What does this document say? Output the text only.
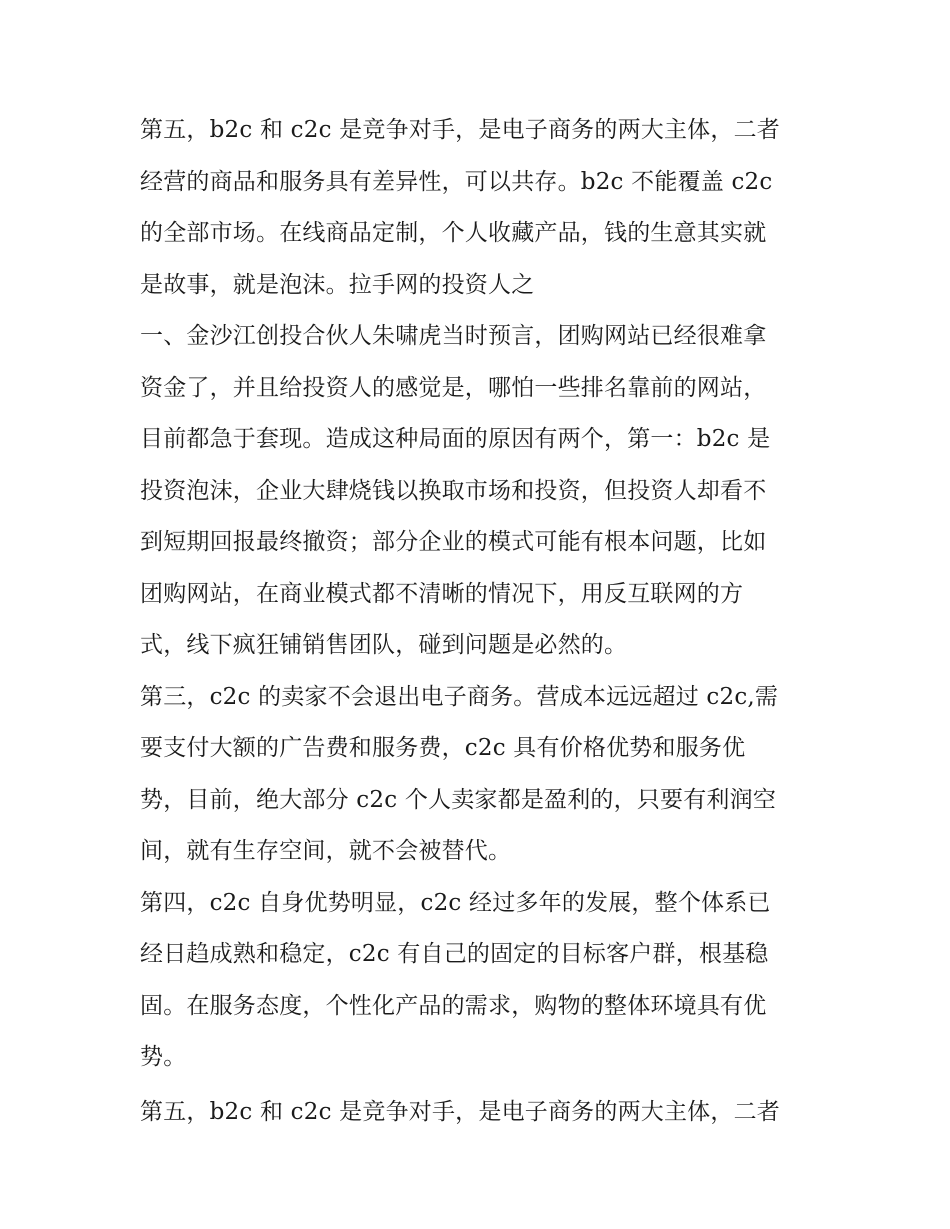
第五，b2c 和 c2c 是竞争对手，是电子商务的两大主体，二者
经营的商品和服务具有差异性，可以共存。b2c 不能覆盖 c2c
的全部市场。在线商品定制，个人收藏产品，钱的生意其实就
是故事，就是泡沫。拉手网的投资人之
一、金沙江创投合伙人朱啸虎当时预言，团购网站已经很难拿
资金了，并且给投资人的感觉是，哪怕一些排名靠前的网站，
目前都急于套现。造成这种局面的原因有两个，第一：b2c 是
投资泡沫，企业大肆烧钱以换取市场和投资，但投资人却看不
到短期回报最终撤资；部分企业的模式可能有根本问题，比如
团购网站，在商业模式都不清晰的情况下，用反互联网的方
式，线下疯狂铺销售团队，碰到问题是必然的。
第三，c2c 的卖家不会退出电子商务。营成本远远超过 c2c,需
要支付大额的广告费和服务费，c2c 具有价格优势和服务优
势，目前，绝大部分 c2c 个人卖家都是盈利的，只要有利润空
间，就有生存空间，就不会被替代。
第四，c2c 自身优势明显，c2c 经过多年的发展，整个体系已
经日趋成熟和稳定，c2c 有自己的固定的目标客户群，根基稳
固。在服务态度，个性化产品的需求，购物的整体环境具有优
势。
第五，b2c 和 c2c 是竞争对手，是电子商务的两大主体，二者
